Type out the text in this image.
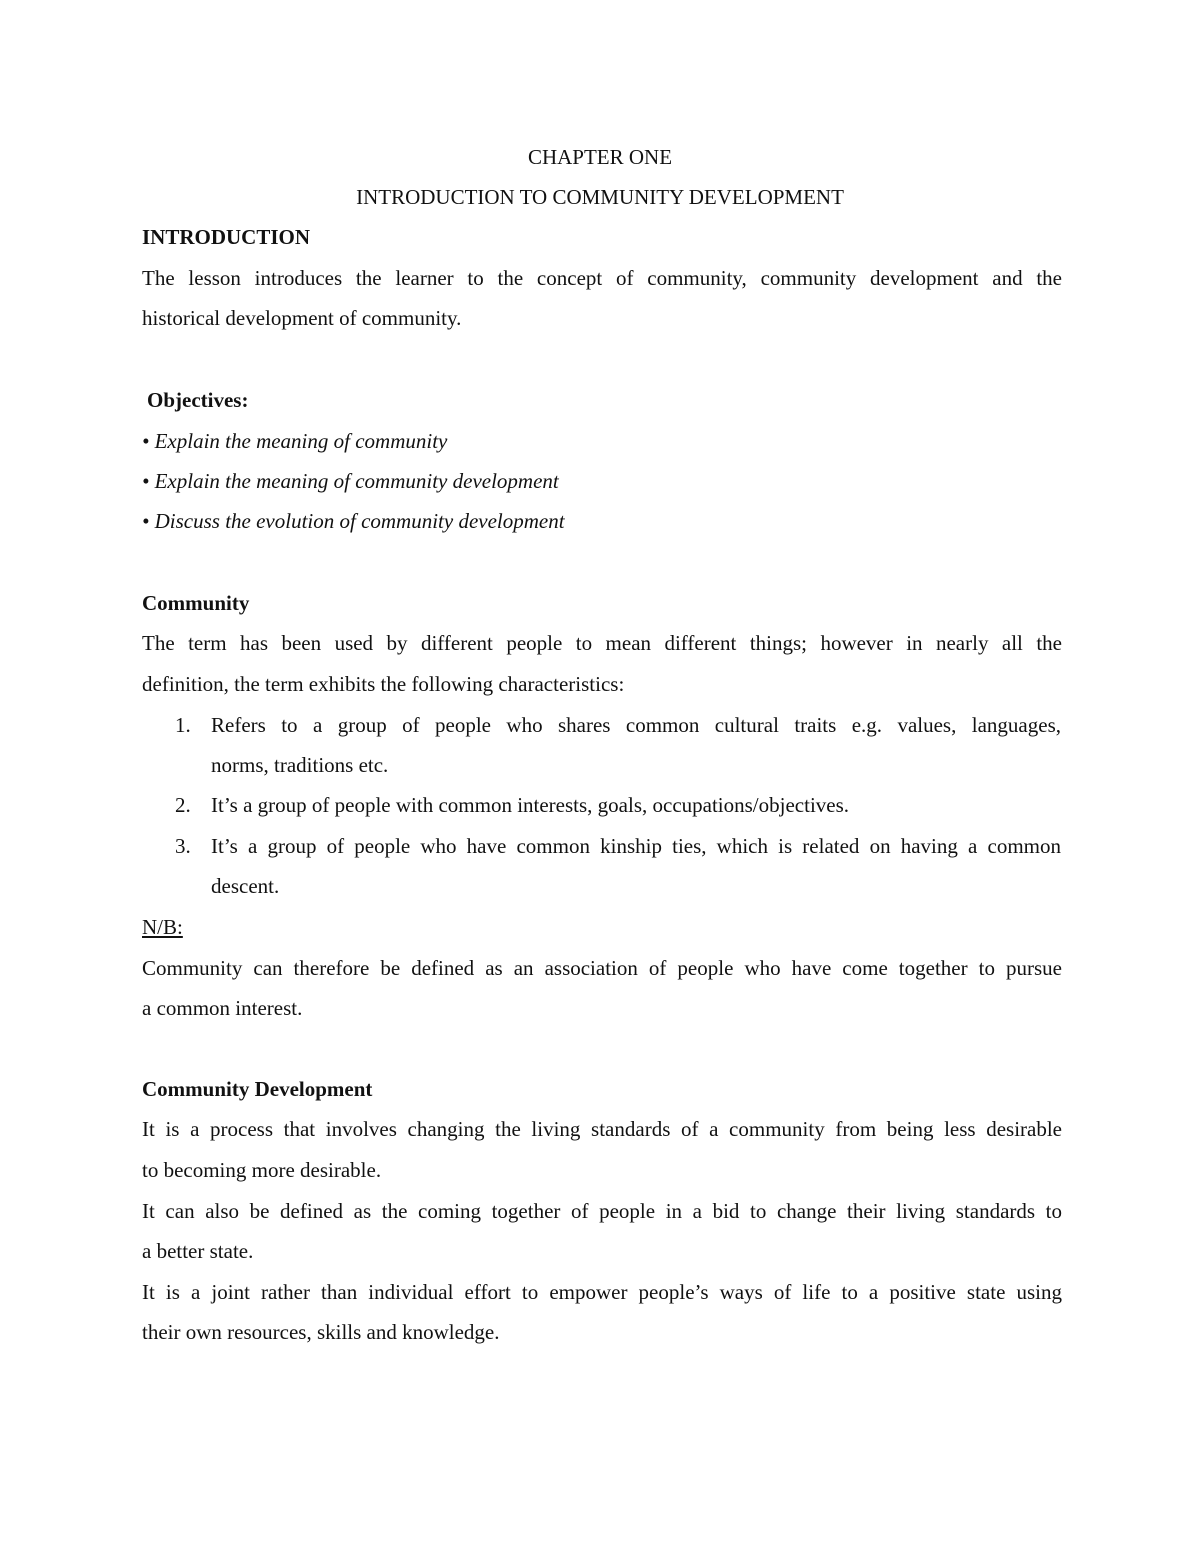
CHAPTER ONE
INTRODUCTION TO COMMUNITY DEVELOPMENT
INTRODUCTION
The lesson introduces the learner to the concept of community, community development and the
historical development of community.
Objectives:
• Explain the meaning of community
• Explain the meaning of community development
• Discuss the evolution of community development
Community
The term has been used by different people to mean different things; however in nearly all the
definition, the term exhibits the following characteristics:
1. Refers to a group of people who shares common cultural traits e.g. values, languages,
norms, traditions etc.
2. It’s a group of people with common interests, goals, occupations/objectives.
3. It’s a group of people who have common kinship ties, which is related on having a common
descent.
N/B:
Community can therefore be defined as an association of people who have come together to pursue
a common interest.
Community Development
It is a process that involves changing the living standards of a community from being less desirable
to becoming more desirable.
It can also be defined as the coming together of people in a bid to change their living standards to
a better state.
It is a joint rather than individual effort to empower people’s ways of life to a positive state using
their own resources, skills and knowledge.
